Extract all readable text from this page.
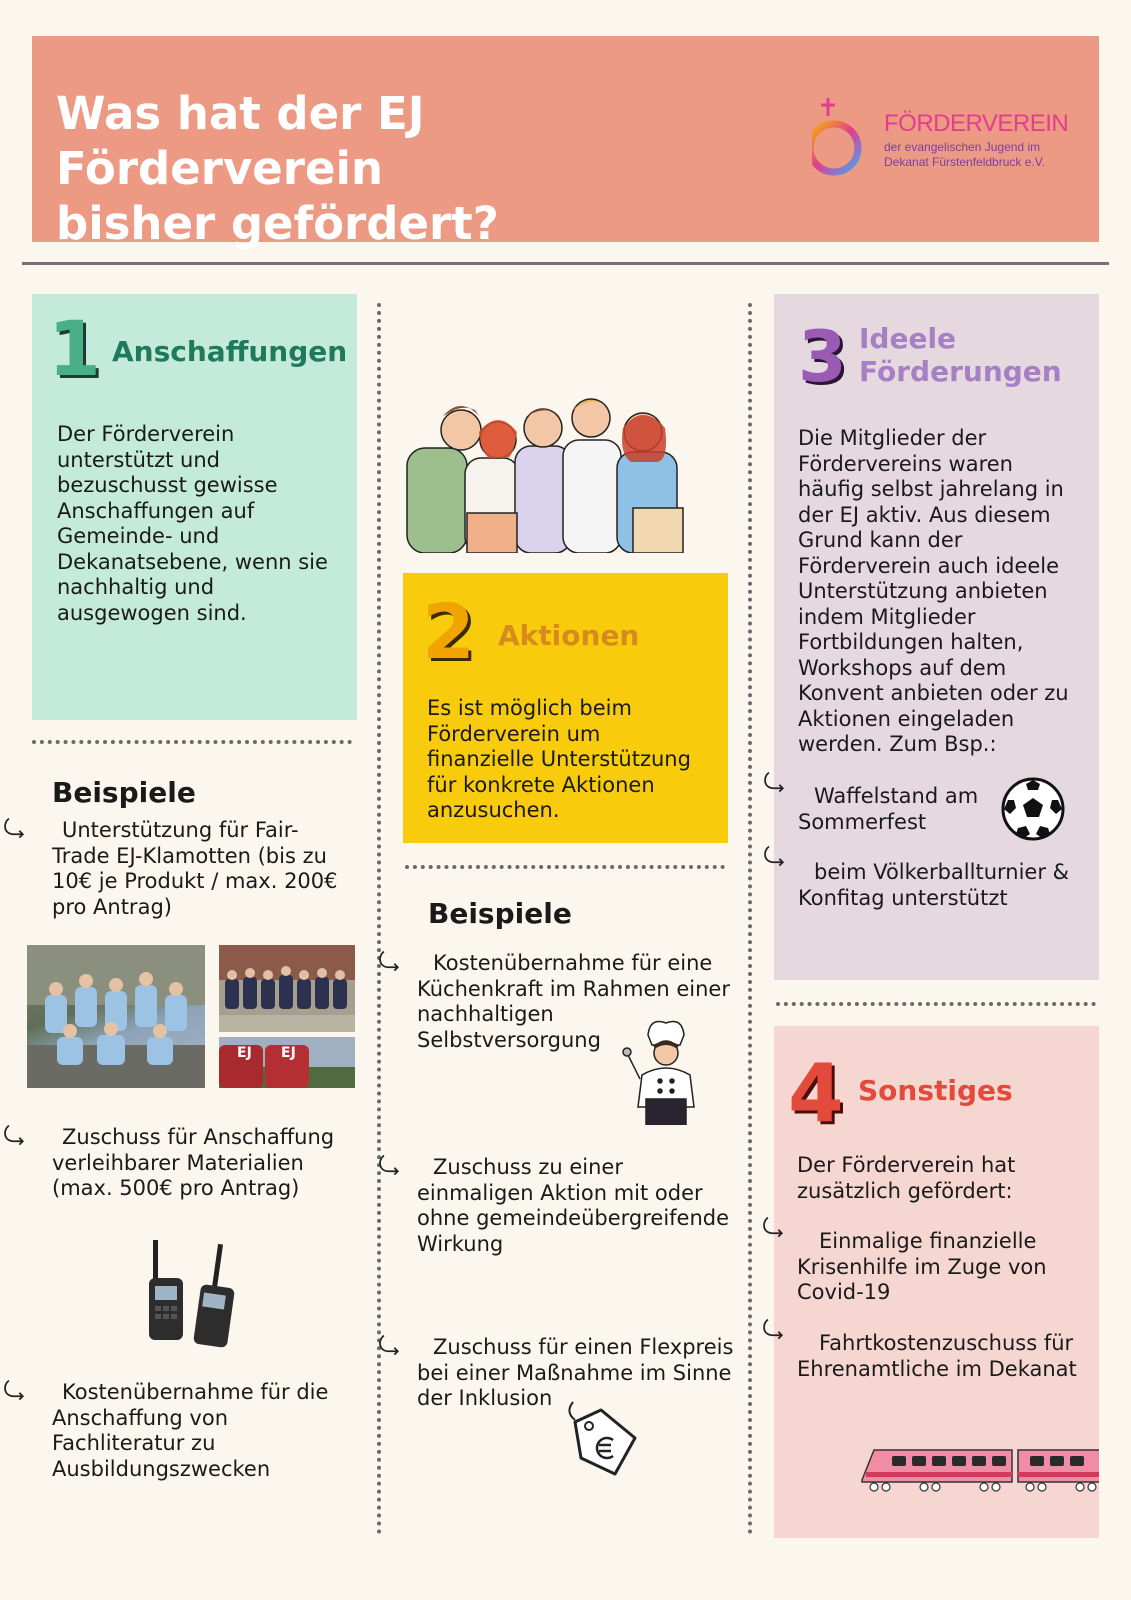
Was hat der EJ Förderverein
bisher gefördert?
FÖRDERVEREIN
der evangelischen Jugend im
Dekanat Fürstenfeldbruck e.V.
1 Anschaffungen
Der Förderverein unterstützt und bezuschusst gewisse Anschaffungen auf Gemeinde- und Dekanatsebene, wenn sie nachhaltig und ausgewogen sind.
Beispiele
Unterstützung für Fair-Trade EJ-Klamotten (bis zu 10€ je Produkt / max. 200€ pro Antrag)
EJ EJ
Zuschuss für Anschaffung verleihbarer Materialien (max. 500€ pro Antrag)
Kostenübernahme für die Anschaffung von Fachliteratur zu Ausbildungszwecken
2 Aktionen
Es ist möglich beim Förderverein um finanzielle Unterstützung für konkrete Aktionen anzusuchen.
Beispiele
Kostenübernahme für eine Küchenkraft im Rahmen einer nachhaltigen Selbstversorgung
Zuschuss zu einer einmaligen Aktion mit oder ohne gemeindeübergreifende Wirkung
Zuschuss für einen Flexpreis bei einer Maßnahme im Sinne der Inklusion
3 Ideele
Förderungen
Die Mitglieder der Fördervereins waren häufig selbst jahrelang in der EJ aktiv. Aus diesem Grund kann der Förderverein auch ideele Unterstützung anbieten indem Mitglieder Fortbildungen halten, Workshops auf dem Konvent anbieten oder zu Aktionen eingeladen werden. Zum Bsp.:
Waffelstand am Sommerfest
beim Völkerballturnier & Konfitag unterstützt
4 Sonstiges
Der Förderverein hat zusätzlich gefördert:
Einmalige finanzielle Krisenhilfe im Zuge von Covid-19
Fahrtkostenzuschuss für Ehrenamtliche im Dekanat
